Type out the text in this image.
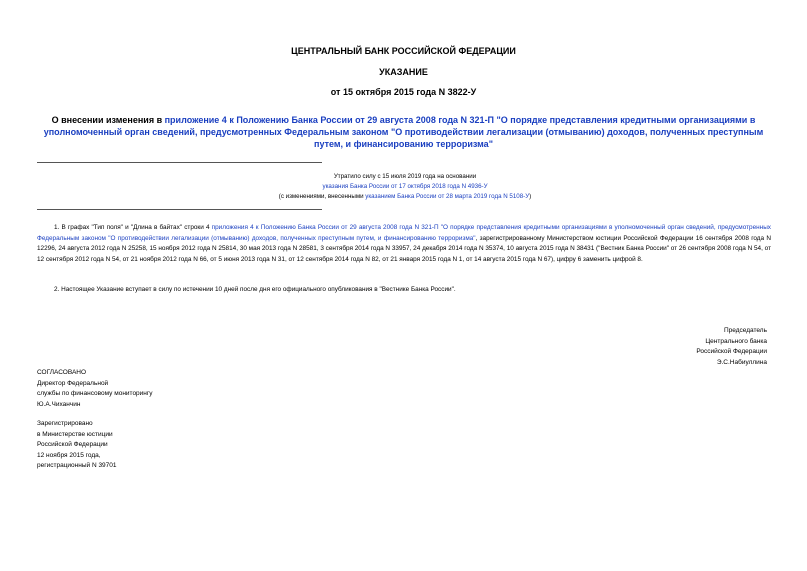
ЦЕНТРАЛЬНЫЙ БАНК РОССИЙСКОЙ ФЕДЕРАЦИИ
УКАЗАНИЕ
от 15 октября 2015 года N 3822-У
О внесении изменения в приложение 4 к Положению Банка России от 29 августа 2008 года N 321-П "О порядке представления кредитными организациями в уполномоченный орган сведений, предусмотренных Федеральным законом "О противодействии легализации (отмыванию) доходов, полученных преступным путем, и финансированию терроризма"
Утратило силу с 15 июля 2019 года на основании
указания Банка России от 17 октября 2018 года N 4936-У
(с изменениями, внесенными указанием Банка России от 28 марта 2019 года N 5108-У)
1. В графах "Тип поля" и "Длина в байтах" строки 4 приложения 4 к Положению Банка России от 29 августа 2008 года N 321-П "О порядке представления кредитными организациями в уполномоченный орган сведений, предусмотренных Федеральным законом "О противодействии легализации (отмыванию) доходов, полученных преступным путем, и финансированию терроризма", зарегистрированному Министерством юстиции Российской Федерации 16 сентября 2008 года N 12296, 24 августа 2012 года N 25258, 15 ноября 2012 года N 25814, 30 мая 2013 года N 28581, 3 сентября 2014 года N 33957, 24 декабря 2014 года N 35374, 10 августа 2015 года N 38431 ("Вестник Банка России" от 26 сентября 2008 года N 54, от 12 сентября 2012 года N 54, от 21 ноября 2012 года N 66, от 5 июня 2013 года N 31, от 12 сентября 2014 года N 82, от 21 января 2015 года N 1, от 14 августа 2015 года N 67), цифру 6 заменить цифрой 8.
2. Настоящее Указание вступает в силу по истечении 10 дней после дня его официального опубликования в "Вестнике Банка России".
Председатель
Центрального банка
Российской Федерации
Э.С.Набиуллина
СОГЛАСОВАНО
Директор Федеральной
службы по финансовому мониторингу
Ю.А.Чиханчин
Зарегистрировано
в Министерстве юстиции
Российской Федерации
12 ноября 2015 года,
регистрационный N 39701
